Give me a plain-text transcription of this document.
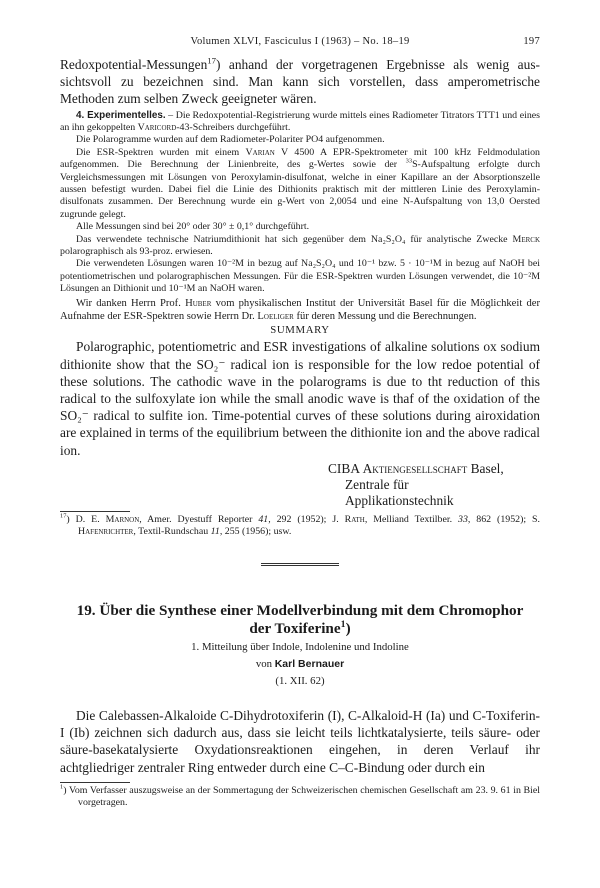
Volumen XLVI, Fasciculus I (1963) – No. 18–19	197

Redoxpotential-Messungen$^{17}$) anhand der vorgetragenen Ergebnisse als wenig aussichtsvoll zu bezeichnen sind. Man kann sich vorstellen, dass amperometrische Methoden zum selben Zweck geeigneter wären.

4. Experimentelles. – Die Redoxpotential-Registrierung wurde mittels eines Radiometer Titrators TTT1 und eines an ihn gekoppelten Varicord-43-Schreibers durchgeführt.

Die Polarogramme wurden auf dem Radiometer-Polariter PO4 aufgenommen.

Die ESR-Spektren wurden mit einem Varian V 4500 A EPR-Spektrometer mit 100 kHz Feldmodulation aufgenommen. Die Berechnung der Linienbreite, des g-Wertes sowie der $^{33}$S-Aufspaltung erfolgte durch Vergleichsmessungen mit Lösungen von Peroxylamin-disulfonat, welche in einer Kapillare an der Absorptionszelle aussen befestigt wurden. Dabei fiel die Linie des Dithionits praktisch mit der mittleren Linie des Peroxylamin-disulfonats zusammen. Der Berechnung wurde ein g-Wert von 2,0054 und eine N-Aufspaltung von 13,0 Oersted zugrunde gelegt.

Alle Messungen sind bei 20° oder 30° ± 0,1° durchgeführt.

Das verwendete technische Natriumdithionit hat sich gegenüber dem Na₂S₂O₄ für analytische Zwecke Merck polarographisch als 93-proz. erwiesen.

Die verwendeten Lösungen waren 10⁻²M in bezug auf Na₂S₂O₄ und 10⁻¹ bzw. 5 · 10⁻¹M in bezug auf NaOH bei potentiometrischen und polarographischen Messungen. Für die ESR-Spektren wurden Lösungen verwendet, die 10⁻²M Lösungen an Dithionit und 10⁻¹M an NaOH waren.

Wir danken Herrn Prof. Huber vom physikalischen Institut der Universität Basel für die Möglichkeit der Aufnahme der ESR-Spektren sowie Herrn Dr. Loeliger für deren Messung und die Berechnungen.

SUMMARY

Polarographic, potentiometric and ESR investigations of alkaline solutions ox sodium dithionite show that the SO₂⁻ radical ion is responsible for the low redoe potential of these solutions. The cathodic wave in the polarograms is due to tht reduction of this radical to the sulfoxylate ion while the small anodic wave is thaf of the oxidation of the SO₂⁻ radical to sulfite ion. Time-potential curves of these solutions during airoxidation are explained in terms of the equilibrium between the dithionite ion and the above radical ion.

CIBA Aktiengesellschaft Basel,
Zentrale für Applikationstechnik
$^{17}$) D. E. Marnon, Amer. Dyestuff Reporter 41, 292 (1952); J. Rath, Melliand Textilber. 33, 862 (1952); S. Hafenrichter, Textil-Rundschau 11, 255 (1956); usw.
19. Über die Synthese einer Modellverbindung mit dem Chromophor
der Toxiferine$^1$)
1. Mitteilung über Indole, Indolenine und Indoline
von Karl Bernauer
(1. XII. 62)

Die Calebassen-Alkaloide C-Dihydrotoxiferin (I), C-Alkaloid-H (Ia) und C-Toxiferin-I (Ib) zeichnen sich dadurch aus, dass sie leicht teils lichtkatalysierte, teils säure- oder säure-basekatalysierte Oxydationsreaktionen eingehen, in deren Verlauf ihr achtgliedriger zentraler Ring entweder durch eine C–C-Bindung oder durch ein

$^1$) Vom Verfasser auszugsweise an der Sommertagung der Schweizerischen chemischen Gesellschaft am 23. 9. 61 in Biel vorgetragen.
